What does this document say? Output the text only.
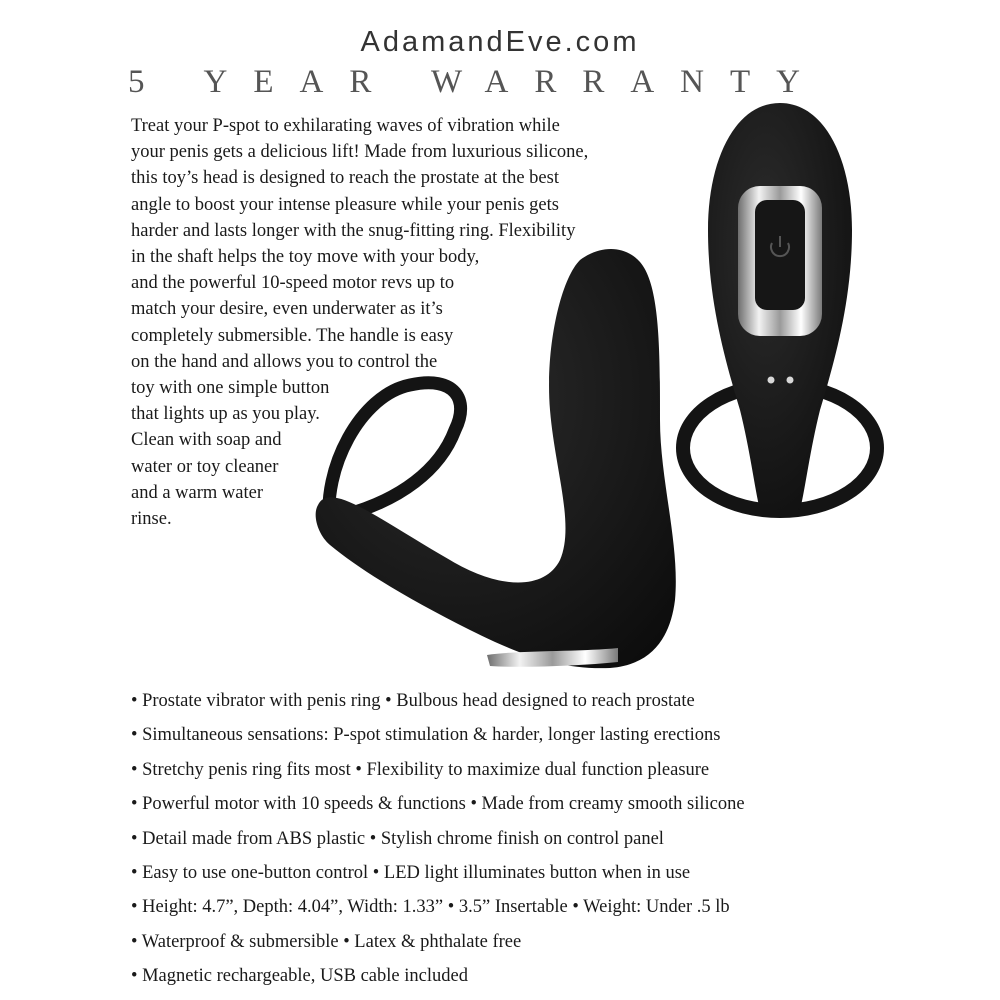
AdamandEve.com
5 YEAR WARRANTY
Treat your P-spot to exhilarating waves of vibration while
your penis gets a delicious lift! Made from luxurious silicone,
this toy’s head is designed to reach the prostate at the best
angle to boost your intense pleasure while your penis gets
harder and lasts longer with the snug-fitting ring. Flexibility
in the shaft helps the toy move with your body,
and the powerful 10-speed motor revs up to
match your desire, even underwater as it’s
completely submersible. The handle is easy
on the hand and allows you to control the
toy with one simple button
that lights up as you play.
Clean with soap and
water or toy cleaner
and a warm water
rinse.
• Prostate vibrator with penis ring • Bulbous head designed to reach prostate
• Simultaneous sensations: P-spot stimulation & harder, longer lasting erections
• Stretchy penis ring fits most • Flexibility to maximize dual function pleasure
• Powerful motor with 10 speeds & functions • Made from creamy smooth silicone
• Detail made from ABS plastic • Stylish chrome finish on control panel
• Easy to use one-button control • LED light illuminates button when in use
• Height: 4.7”, Depth: 4.04”, Width: 1.33” • 3.5” Insertable • Weight: Under .5 lb
• Waterproof & submersible • Latex & phthalate free
• Magnetic rechargeable, USB cable included
